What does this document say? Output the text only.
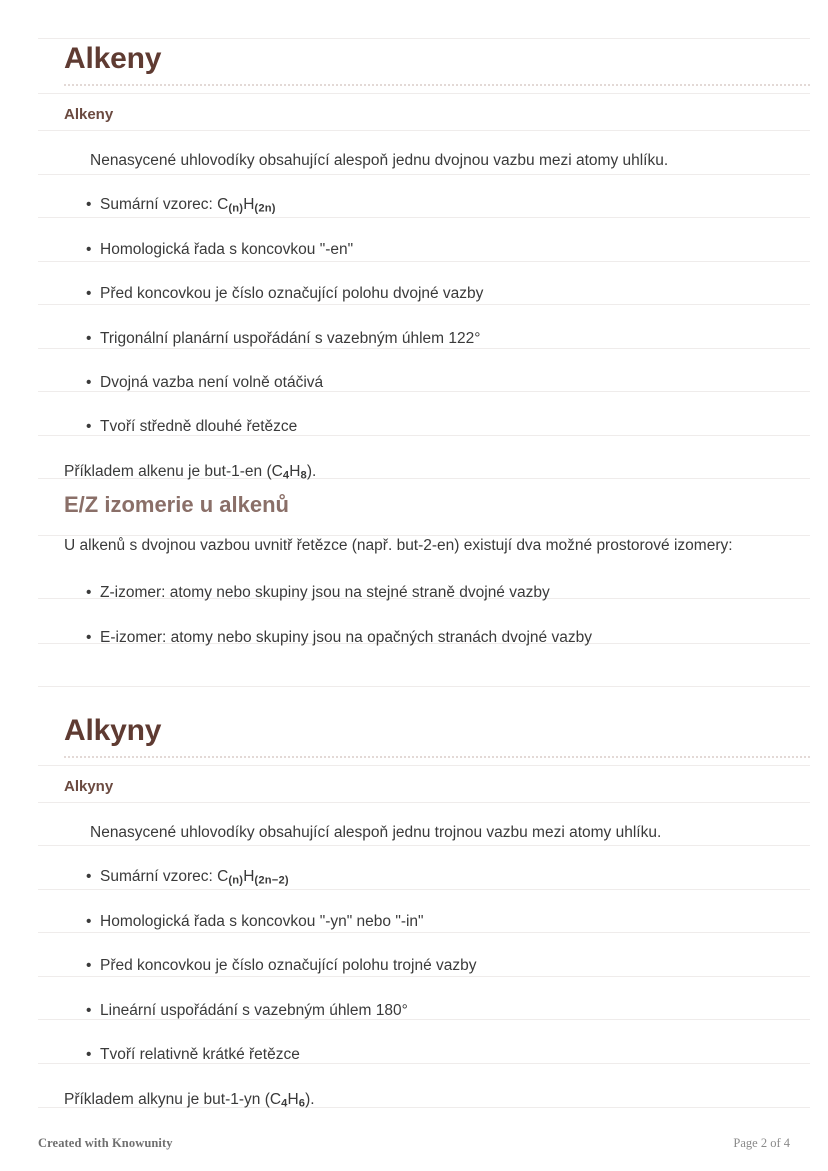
Alkeny
Alkeny

Nenasycené uhlovodíky obsahující alespoň jednu dvojnou vazbu mezi atomy uhlíku.

• Sumární vzorec: $C_{(n)}H_{(2n)}$

• Homologická řada s koncovkou "-en"

• Před koncovkou je číslo označující polohu dvojné vazby

• Trigonální planární uspořádání s vazebným úhlem 122°

• Dvojná vazba není volně otáčivá

• Tvoří středně dlouhé řetězce

Příkladem alkenu je but-1-en $(C_4H_8)$.

E/Z izomerie u alkenů

U alkenů s dvojnou vazbou uvnitř řetězce (např. but-2-en) existují dva možné prostorové izomery:

• Z-izomer: atomy nebo skupiny jsou na stejné straně dvojné vazby

• E-izomer: atomy nebo skupiny jsou na opačných stranách dvojné vazby

Alkyny
Alkyny

Nenasycené uhlovodíky obsahující alespoň jednu trojnou vazbu mezi atomy uhlíku.

• Sumární vzorec: $C_{(n)}H_{(2n-2)}$

• Homologická řada s koncovkou "-yn" nebo "-in"

• Před koncovkou je číslo označující polohu trojné vazby

• Lineární uspořádání s vazebným úhlem 180°

• Tvoří relativně krátké řetězce

Příkladem alkynu je but-1-yn $(C_4H_6)$.

Created with Knowunity	Page 2 of 4
